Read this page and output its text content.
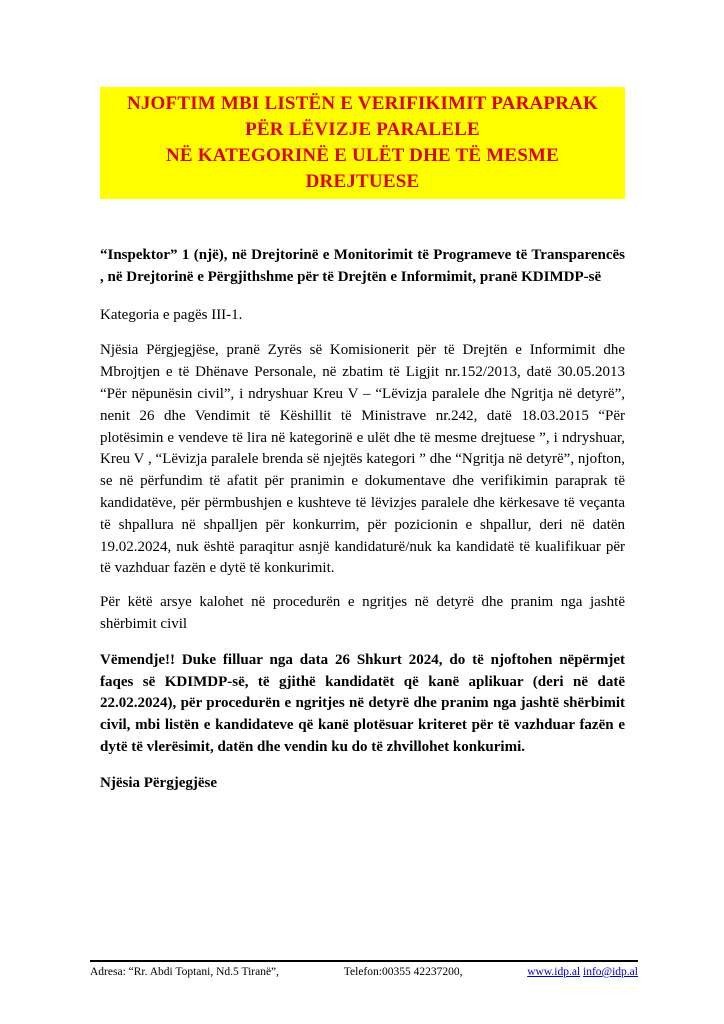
NJOFTIM MBI LISTËN E VERIFIKIMIT PARAPRAK
PËR LËVIZJE PARALELE
NË KATEGORINË E ULËT DHE TË MESME
DREJTUESE

“Inspektor” 1 (një), në Drejtorinë e Monitorimit të Programeve të Transparencës , në Drejtorinë e Përgjithshme për të Drejtën e Informimit, pranë KDIMDP-së

Kategoria e pagës III-1.

Njësia Përgjegjëse, pranë Zyrës së Komisionerit për të Drejtën e Informimit dhe Mbrojtjen e të Dhënave Personale, në zbatim të Ligjit nr.152/2013, datë 30.05.2013 “Për nëpunësin civil”, i ndryshuar Kreu V – “Lëvizja paralele dhe Ngritja në detyrë”, nenit 26 dhe Vendimit të Këshillit të Ministrave nr.242, datë 18.03.2015 “Për plotësimin e vendeve të lira në kategorinë e ulët dhe të mesme drejtuese ”, i ndryshuar, Kreu V , “Lëvizja paralele brenda së njejtës kategori ” dhe “Ngritja në detyrë”, njofton, se në përfundim të afatit për pranimin e dokumentave dhe verifikimin paraprak të kandidatëve, për përmbushjen e kushteve të lëvizjes paralele dhe kërkesave të veçanta të shpallura në shpalljen për konkurrim, për pozicionin e shpallur, deri në datën 19.02.2024, nuk është paraqitur asnjë kandidaturë/nuk ka kandidatë të kualifikuar për të vazhduar fazën e dytë të konkurimit.

Për këtë arsye kalohet në procedurën e ngritjes në detyrë dhe pranim nga jashtë shërbimit civil

Vëmendje!! Duke filluar nga data 26 Shkurt 2024, do të njoftohen nëpërmjet faqes së KDIMDP-së, të gjithë kandidatët që kanë aplikuar (deri në datë 22.02.2024), për procedurën e ngritjes në detyrë dhe pranim nga jashtë shërbimit civil, mbi listën e kandidateve që kanë plotësuar kriteret për të vazhduar fazën e dytë të vlerësimit, datën dhe vendin ku do të zhvillohet konkurimi.

Njësia Përgjegjëse

Adresa: “Rr. Abdi Toptani, Nd.5 Tiranë”,	Telefon:00355 42237200,	www.idp.al info@idp.al
